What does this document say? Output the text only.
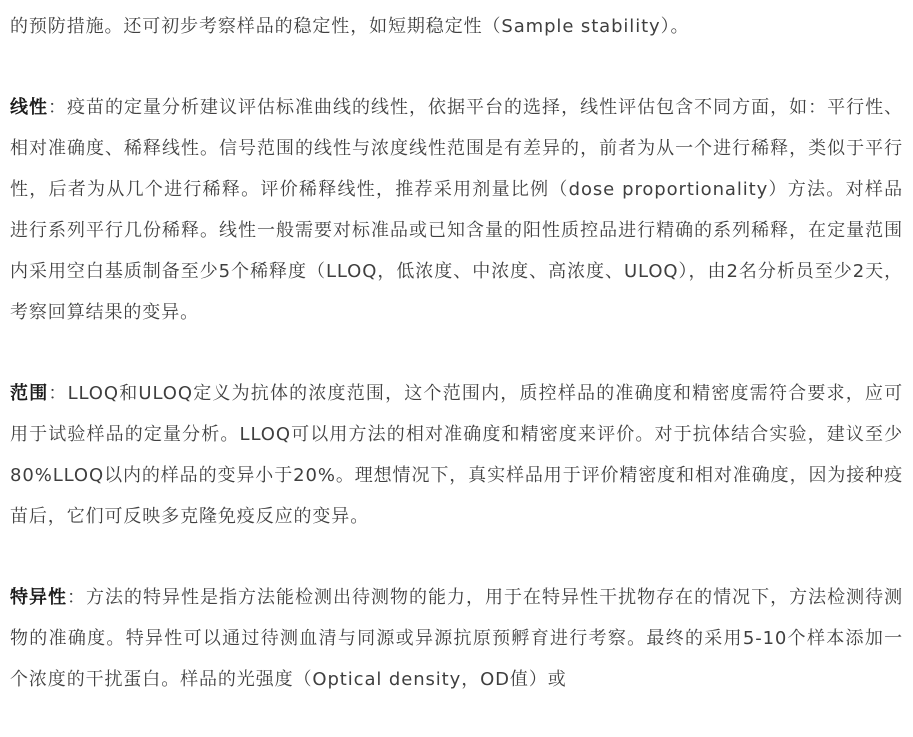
的预防措施。还可初步考察样品的稳定性，如短期稳定性（Sample stability）。

线性：疫苗的定量分析建议评估标准曲线的线性，依据平台的选择，线性评估包含不同方面，如：平行性、相对准确度、稀释线性。信号范围的线性与浓度线性范围是有差异的，前者为从一个进行稀释，类似于平行性，后者为从几个进行稀释。评价稀释线性，推荐采用剂量比例（dose proportionality）方法。对样品进行系列平行几份稀释。线性一般需要对标准品或已知含量的阳性质控品进行精确的系列稀释，在定量范围内采用空白基质制备至少5个稀释度（LLOQ，低浓度、中浓度、高浓度、ULOQ），由2名分析员至少2天，考察回算结果的变异。

范围：LLOQ和ULOQ定义为抗体的浓度范围，这个范围内，质控样品的准确度和精密度需符合要求，应可用于试验样品的定量分析。LLOQ可以用方法的相对准确度和精密度来评价。对于抗体结合实验，建议至少80%LLOQ以内的样品的变异小于20%。理想情况下，真实样品用于评价精密度和相对准确度，因为接种疫苗后，它们可反映多克隆免疫反应的变异。

特异性：方法的特异性是指方法能检测出待测物的能力，用于在特异性干扰物存在的情况下，方法检测待测物的准确度。特异性可以通过待测血清与同源或异源抗原预孵育进行考察。最终的采用5-10个样本添加一个浓度的干扰蛋白。样品的光强度（Optical density，OD值）或
